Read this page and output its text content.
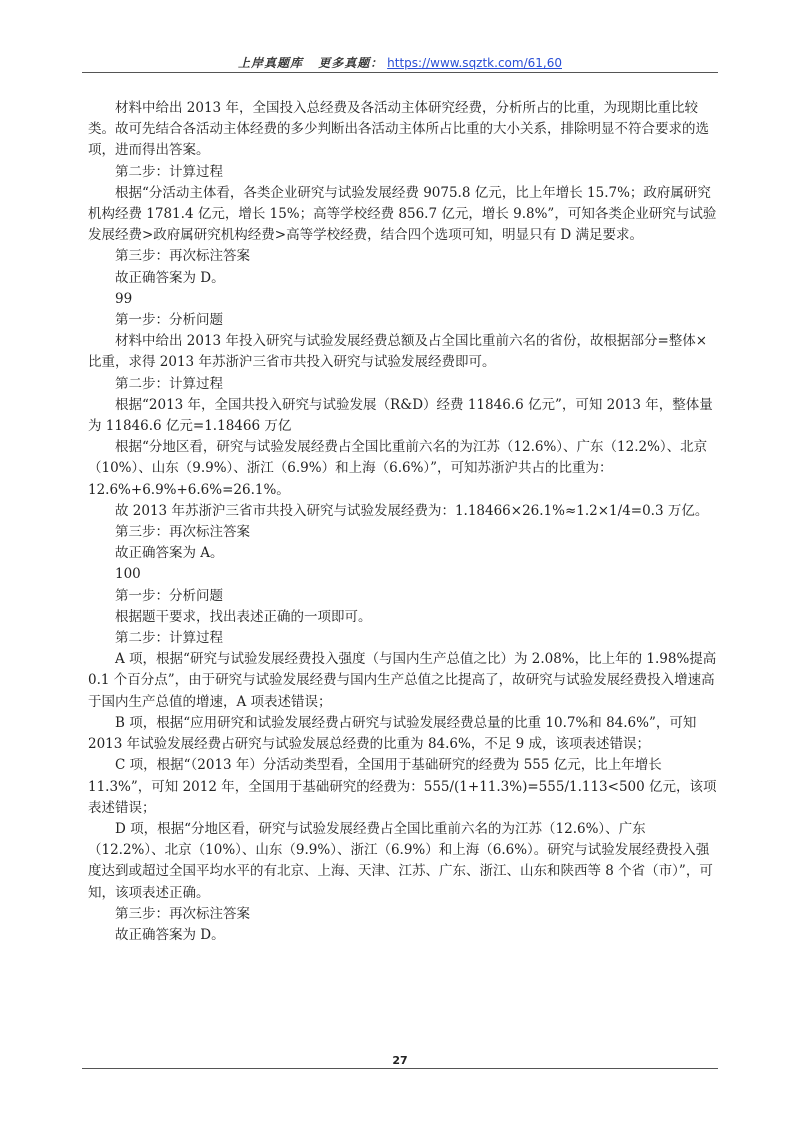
上岸真题库 更多真题： https://www.sqztk.com/61,60

材料中给出 2013 年，全国投入总经费及各活动主体研究经费，分析所占的比重，为现期比重比较类。故可先结合各活动主体经费的多少判断出各活动主体所占比重的大小关系，排除明显不符合要求的选项，进而得出答案。

第二步：计算过程

根据“分活动主体看，各类企业研究与试验发展经费 9075.8 亿元，比上年增长 15.7%；政府属研究机构经费 1781.4 亿元，增长 15%；高等学校经费 856.7 亿元，增长 9.8%”，可知各类企业研究与试验发展经费>政府属研究机构经费>高等学校经费，结合四个选项可知，明显只有 D 满足要求。

第三步：再次标注答案

故正确答案为 D。

99

第一步：分析问题

材料中给出 2013 年投入研究与试验发展经费总额及占全国比重前六名的省份，故根据部分=整体×比重，求得 2013 年苏浙沪三省市共投入研究与试验发展经费即可。

第二步：计算过程

根据“2013 年，全国共投入研究与试验发展（R&D）经费 11846.6 亿元”，可知 2013 年，整体量为 11846.6 亿元=1.18466 万亿

根据“分地区看，研究与试验发展经费占全国比重前六名的为江苏（12.6%）、广东（12.2%）、北京（10%）、山东（9.9%）、浙江（6.9%）和上海（6.6%）”，可知苏浙沪共占的比重为：12.6%+6.9%+6.6%=26.1%。

故 2013 年苏浙沪三省市共投入研究与试验发展经费为：1.18466×26.1%≈1.2×1/4=0.3 万亿。

第三步：再次标注答案

故正确答案为 A。

100

第一步：分析问题

根据题干要求，找出表述正确的一项即可。

第二步：计算过程

A 项，根据“研究与试验发展经费投入强度（与国内生产总值之比）为 2.08%，比上年的 1.98%提高 0.1 个百分点”，由于研究与试验发展经费与国内生产总值之比提高了，故研究与试验发展经费投入增速高于国内生产总值的增速，A 项表述错误；

B 项，根据“应用研究和试验发展经费占研究与试验发展经费总量的比重 10.7%和 84.6%”，可知 2013 年试验发展经费占研究与试验发展总经费的比重为 84.6%，不足 9 成，该项表述错误；

C 项，根据“（2013 年）分活动类型看，全国用于基础研究的经费为 555 亿元，比上年增长 11.3%”，可知 2012 年，全国用于基础研究的经费为：555/(1+11.3%)=555/1.113<500 亿元，该项表述错误；

D 项，根据“分地区看，研究与试验发展经费占全国比重前六名的为江苏（12.6%）、广东（12.2%）、北京（10%）、山东（9.9%）、浙江（6.9%）和上海（6.6%）。研究与试验发展经费投入强度达到或超过全国平均水平的有北京、上海、天津、江苏、广东、浙江、山东和陕西等 8 个省（市）”，可知，该项表述正确。

第三步：再次标注答案

故正确答案为 D。

27
